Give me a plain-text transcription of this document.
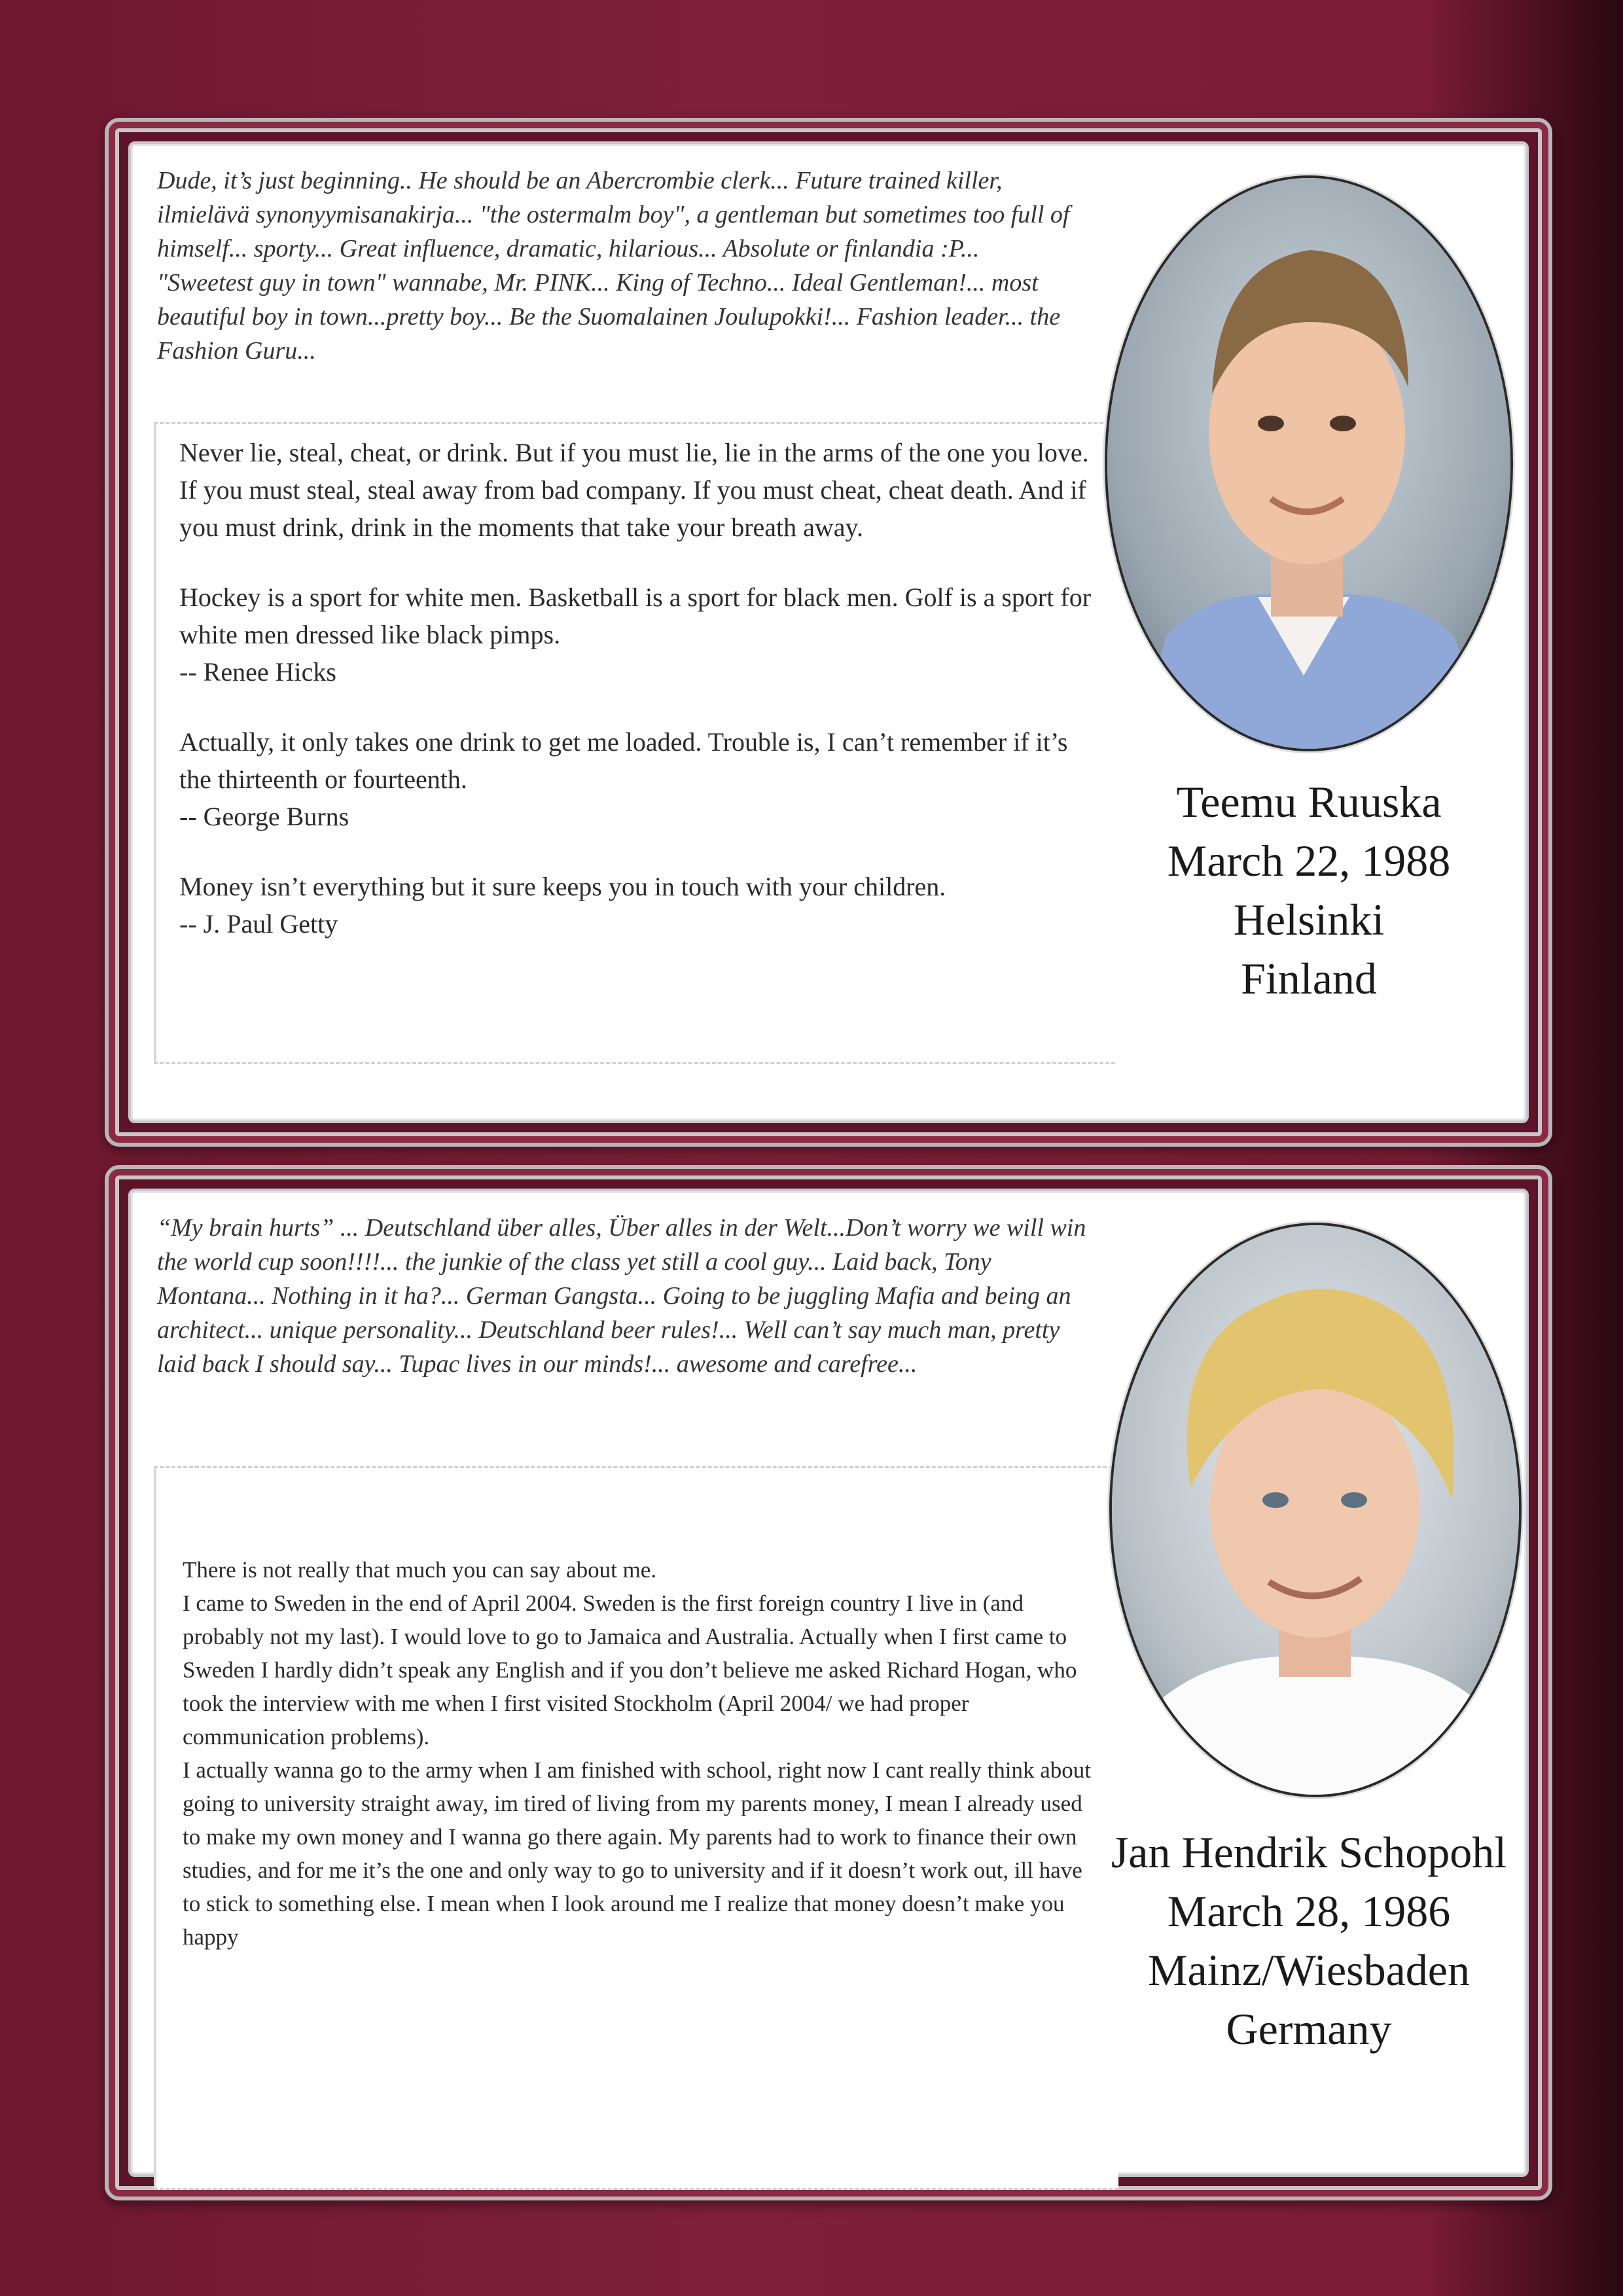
Dude, it’s just beginning.. He should be an Abercrombie clerk... Future trained killer, ilmielävä synonyymisanakirja... "the ostermalm boy", a gentleman but sometimes too full of himself... sporty... Great influence, dramatic, hilarious... Absolute or finlandia :P... "Sweetest guy in town" wannabe, Mr. PINK... King of Techno... Ideal Gentleman!... most beautiful boy in town...pretty boy... Be the Suomalainen Joulupokki!... Fashion leader... the Fashion Guru...

Never lie, steal, cheat, or drink. But if you must lie, lie in the arms of the one you love. If you must steal, steal away from bad company. If you must cheat, cheat death. And if you must drink, drink in the moments that take your breath away.

Hockey is a sport for white men. Basketball is a sport for black men. Golf is a sport for white men dressed like black pimps.

-- Renee Hicks

Actually, it only takes one drink to get me loaded. Trouble is, I can’t remember if it’s the thirteenth or fourteenth.

-- George Burns

Money isn’t everything but it sure keeps you in touch with your children.

-- J. Paul Getty

Teemu Ruuska
March 22, 1988
Helsinki
Finland
“My brain hurts” ... Deutschland über alles, Über alles in der Welt...Don’t worry we will win the world cup soon!!!!... the junkie of the class yet still a cool guy... Laid back, Tony Montana... Nothing in it ha?... German Gangsta... Going to be juggling Mafia and being an architect... unique personality... Deutschland beer rules!... Well can’t say much man, pretty laid back I should say... Tupac lives in our minds!... awesome and carefree...

There is not really that much you can say about me.

I came to Sweden in the end of April 2004. Sweden is the first foreign country I live in (and probably not my last). I would love to go to Jamaica and Australia. Actually when I first came to Sweden I hardly didn’t speak any English and if you don’t believe me asked Richard Hogan, who took the interview with me when I first visited Stockholm (April 2004/ we had proper communication problems).

I actually wanna go to the army when I am finished with school, right now I cant really think about going to university straight away, im tired of living from my parents money, I mean I already used to make my own money and I wanna go there again. My parents had to work to finance their own studies, and for me it’s the one and only way to go to university and if it doesn’t work out, ill have to stick to something else. I mean when I look around me I realize that money doesn’t make you happy

Jan Hendrik Schopohl
March 28, 1986
Mainz/Wiesbaden
Germany
